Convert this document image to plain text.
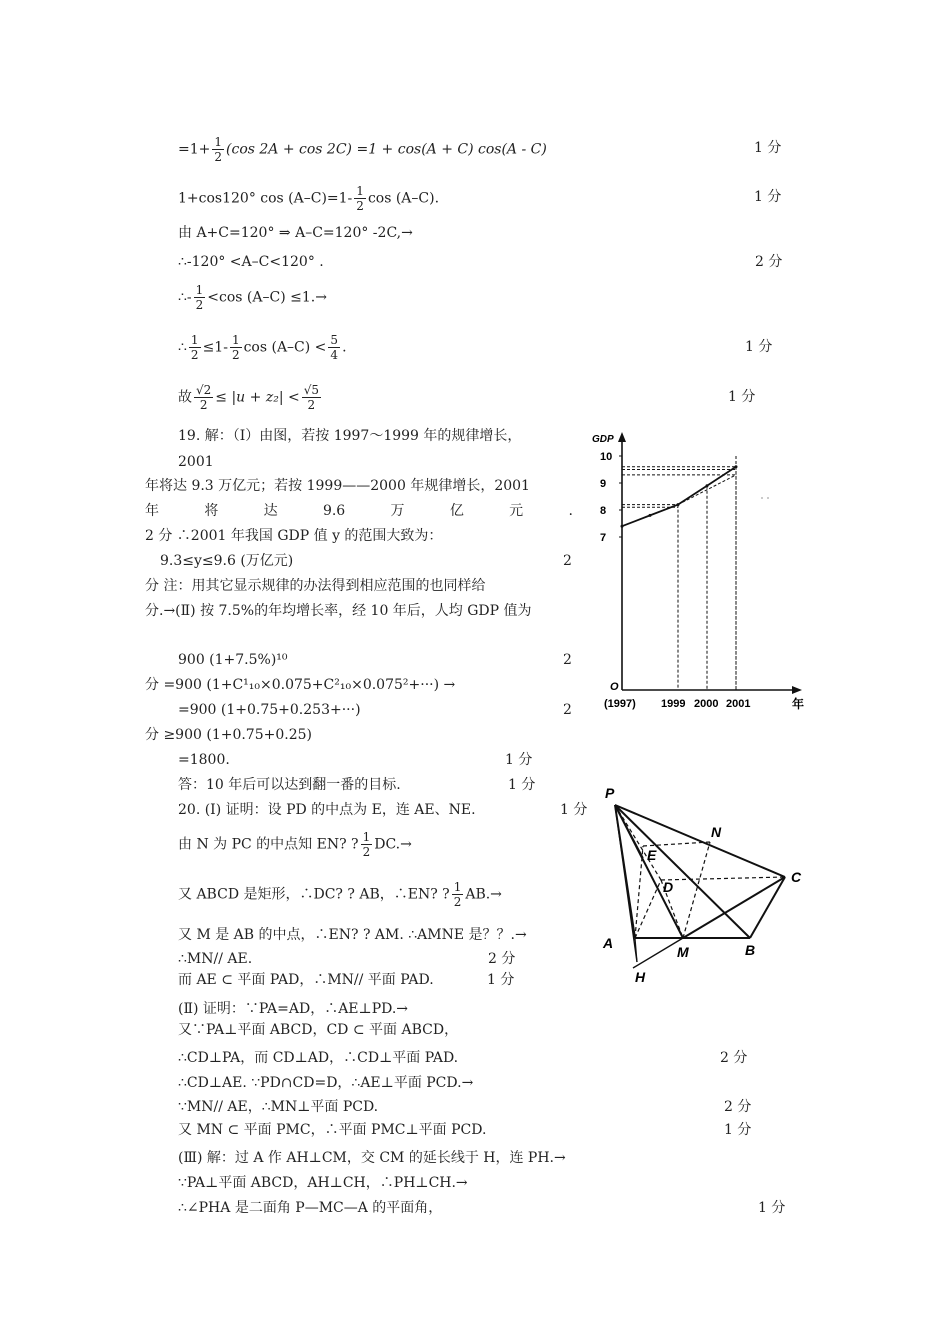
$=1+ \frac{1}{2} (\cos$ 2A + cos 2C) =1 + cos(A + C) cos(A - C)	1 分
1+cos120° $\cos (A-C)=1- \frac{1}{2}$ cos (A–C).	1 分
由 A+C=120° ⇒ A–C=120° -2C,→
∴-120° <A–C<120° .	2 分
∴- $\frac{1}{2} <\cos$ (A–C) ≤1.→
∴ $\frac{1}{2} \le 1- \frac{1}{2}$ $\cos (A-C) < \frac{5}{4}$ .	1 分
故 $\frac{√2}{2} \le |u + z_2| < \frac{√5}{2}$	1 分
19. 解：（Ⅰ）由图，若按 1997～1999 年的规律增长，
2001
年将达 9.3 万亿元；若按 1999——2000 年规律增长，2001
年	将	达	9.6	万	亿	元	.
2 分 ∴2001 年我国 GDP 值 y 的范围大致为：
9.3≤y≤9.6 (万亿元)	2
分 注：用其它显示规律的办法得到相应范围的也同样给
分.→(Ⅱ) 按 7.5%的年均增长率，经 10 年后，人均 GDP 值为
900 (1+7.5%)¹⁰	2
分 =900 (1+C¹₁₀×0.075+C²₁₀×0.075²+···) →
=900 (1+0.75+0.253+···)	2
分 ≥900 (1+0.75+0.25)
=1800.	1 分
答：10 年后可以达到翻一番的目标.	1 分
7
8
9
10
(1997) 1999 2000 2001
GDP
年
O
20. (Ⅰ) 证明：设 PD 的中点为 E，连 AE、NE.	1 分
由 N 为 PC 的中点知 EN? ? $\frac{1}{2} DC.\to$
又 ABCD 是矩形，∴DC? ? AB，∴EN? ? $\frac{1}{2} AB.\to$
又 M 是 AB 的中点，∴EN? ? AM. ∴AMNE 是？？.→
∴MN// AE.	2 分
而 AE ⊂ 平面 PAD，∴MN// 平面 PAD.	1 分
(Ⅱ) 证明：∵PA=AD，∴AE⊥PD.→
又∵PA⊥平面 ABCD，CD ⊂ 平面 ABCD，
∴CD⊥PA，而 CD⊥AD，∴CD⊥平面 PAD.	2 分
∴CD⊥AE. ∵PD∩CD=D，∴AE⊥平面 PCD.→
∵MN// AE，∴MN⊥平面 PCD.	2 分
又 MN ⊂ 平面 PMC，∴平面 PMC⊥平面 PCD.	1 分
(Ⅲ) 解：过 A 作 AH⊥CM，交 CM 的延长线于 H，连 PH.→
∵PA⊥平面 ABCD，AH⊥CH，∴PH⊥CH.→
∴∠PHA 是二面角 P—MC—A 的平面角，	1 分
P
N
E
D
C
A
M	B
H
